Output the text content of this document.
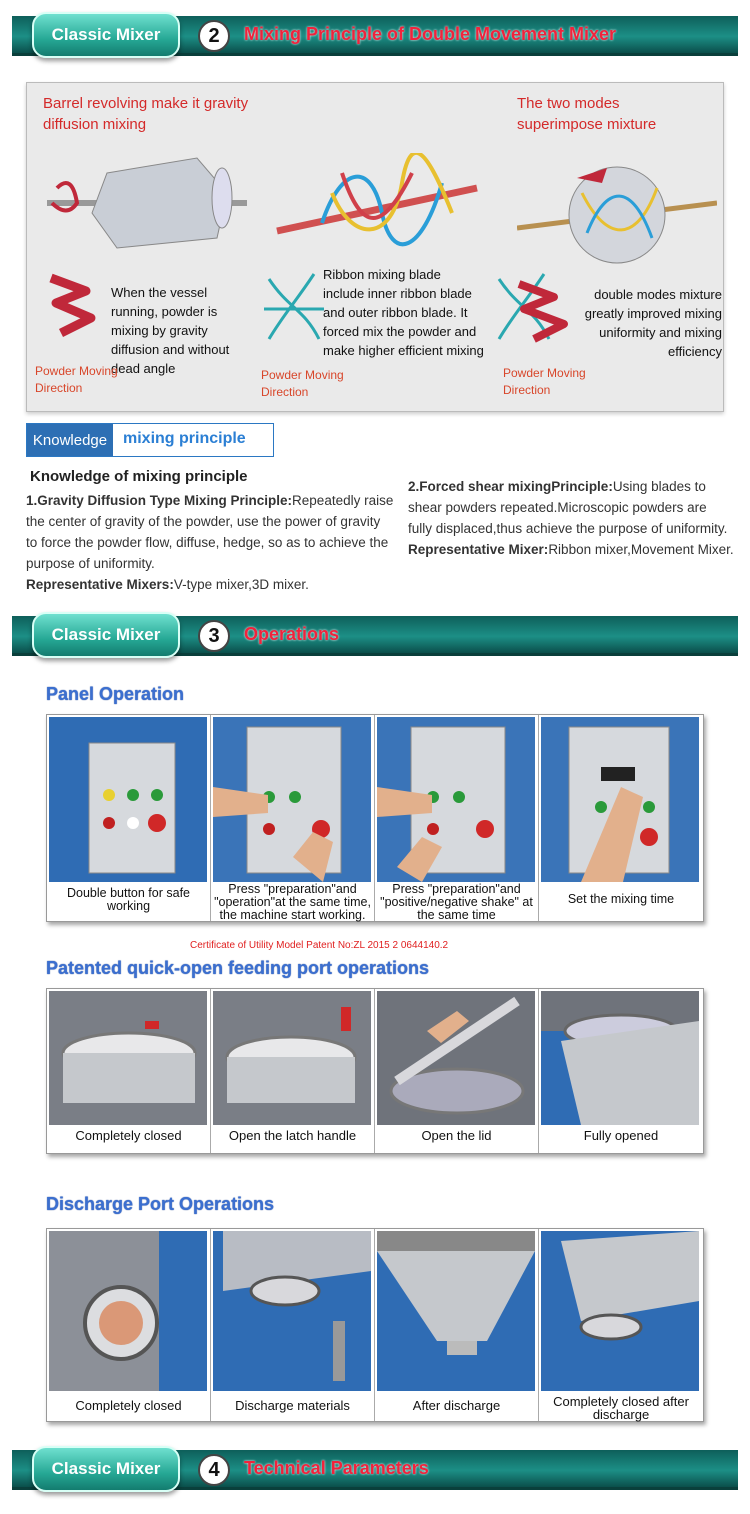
Classic Mixer	2	Mixing Principle of Double Movement Mixer
Barrel revolving make it gravity diffusion mixing
The two modes superimpose mixture
When the vessel running, powder is mixing by gravity diffusion and without dead angle
Ribbon mixing blade include inner ribbon blade and outer ribbon blade. It forced mix the powder and make higher efficient mixing
double modes mixture greatly improved mixing uniformity and mixing efficiency
Powder Moving Direction
Powder Moving Direction
Powder Moving Direction
Knowledge mixing principle
Knowledge of mixing principle
1.Gravity Diffusion Type Mixing Principle:Repeatedly raise the center of gravity of the powder, use the power of gravity to force the powder flow, diffuse, hedge, so as to achieve the purpose of uniformity.
Representative Mixers:V-type mixer,3D mixer.
2.Forced shear mixingPrinciple:Using blades to shear powders repeated.Microscopic powders are fully displaced,thus achieve the purpose of uniformity.
Representative Mixer:Ribbon mixer,Movement Mixer.
Classic Mixer	3	Operations
Panel Operation
Double button for safe working
Press "preparation"and "operation"at the same time, the machine start working.
Press "preparation"and "positive/negative shake" at the same time
Set the mixing time
Certificate of Utility Model Patent No:ZL 2015 2 0644140.2
Patented quick-open feeding port operations
Completely closed	Open the latch handle	Open the lid	Fully opened
Discharge Port Operations
Completely closed	Discharge materials	After discharge	Completely closed after discharge
Classic Mixer	4	Technical Parameters
